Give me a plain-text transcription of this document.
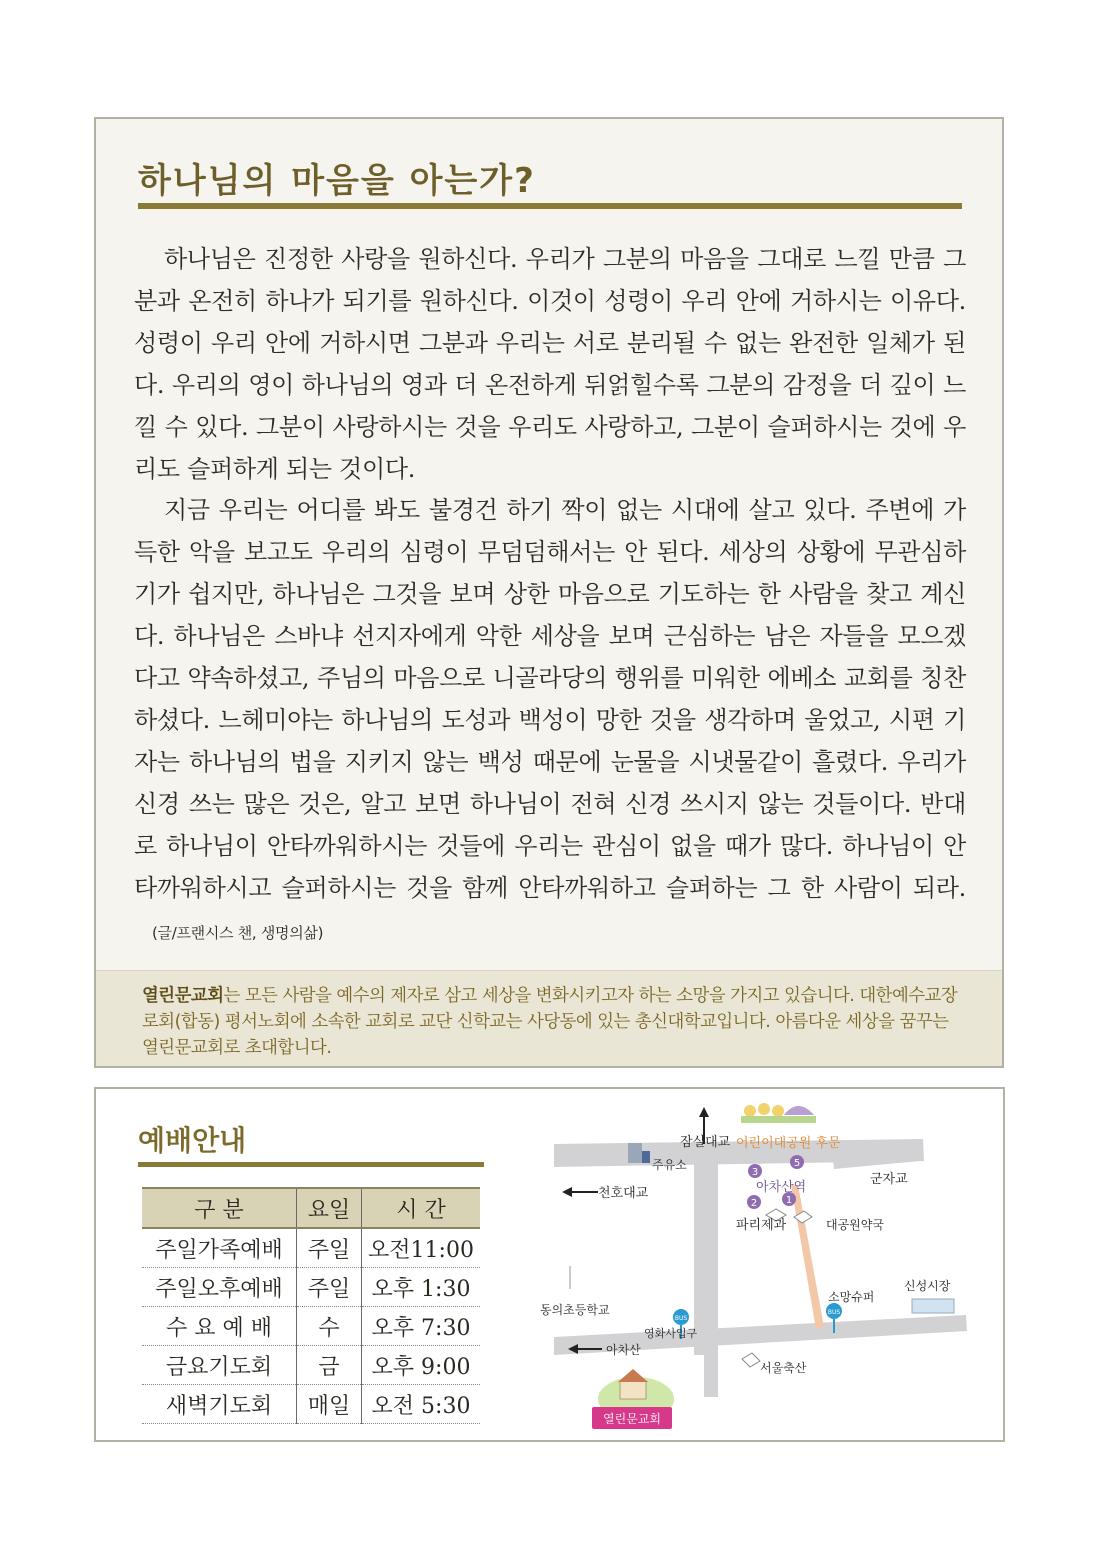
하나님의 마음을 아는가?

하나님은 진정한 사랑을 원하신다. 우리가 그분의 마음을 그대로 느낄 만큼 그분과 온전히 하나가 되기를 원하신다. 이것이 성령이 우리 안에 거하시는 이유다. 성령이 우리 안에 거하시면 그분과 우리는 서로 분리될 수 없는 완전한 일체가 된다. 우리의 영이 하나님의 영과 더 온전하게 뒤얽힐수록 그분의 감정을 더 깊이 느낄 수 있다. 그분이 사랑하시는 것을 우리도 사랑하고, 그분이 슬퍼하시는 것에 우리도 슬퍼하게 되는 것이다.

지금 우리는 어디를 봐도 불경건 하기 짝이 없는 시대에 살고 있다. 주변에 가득한 악을 보고도 우리의 심령이 무덤덤해서는 안 된다. 세상의 상황에 무관심하기가 쉽지만, 하나님은 그것을 보며 상한 마음으로 기도하는 한 사람을 찾고 계신다. 하나님은 스바냐 선지자에게 악한 세상을 보며 근심하는 남은 자들을 모으겠다고 약속하셨고, 주님의 마음으로 니골라당의 행위를 미워한 에베소 교회를 칭찬하셨다. 느헤미야는 하나님의 도성과 백성이 망한 것을 생각하며 울었고, 시편 기자는 하나님의 법을 지키지 않는 백성 때문에 눈물을 시냇물같이 흘렸다. 우리가 신경 쓰는 많은 것은, 알고 보면 하나님이 전혀 신경 쓰시지 않는 것들이다. 반대로 하나님이 안타까워하시는 것들에 우리는 관심이 없을 때가 많다. 하나님이 안타까워하시고 슬퍼하시는 것을 함께 안타까워하고 슬퍼하는 그 한 사람이 되라.(글/프랜시스 챈, 생명의삶)

열린문교회는 모든 사람을 예수의 제자로 삼고 세상을 변화시키고자 하는 소망을 가지고 있습니다. 대한예수교장로회(합동) 평서노회에 소속한 교회로 교단 신학교는 사당동에 있는 총신대학교입니다. 아름다운 세상을 꿈꾸는 열린문교회로 초대합니다.
예배안내
구 분	요일	시 간
주일가족예배	주일	오전11:00
주일오후예배	주일	오후 1:30
수 요 예 배	수	오후 7:30
금요기도회	금	오후 9:00
새벽기도회	매일	오전 5:30
3
5
2	1
BUS
BUS
잠실대교 어린이대공원 후문
주유소
군자교
천호대교	아차산역
파리제과	대공원약국
소망슈퍼
신성시장
동의초등학교
영화사입구
아차산
서울축산
열린문교회
